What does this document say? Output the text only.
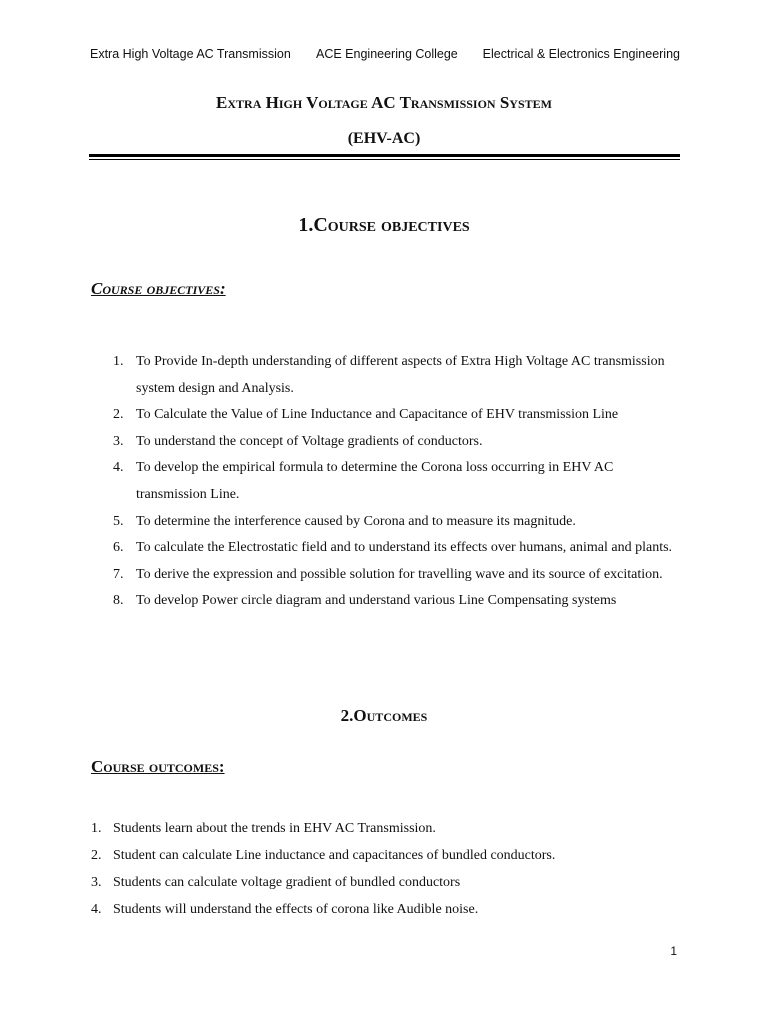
Extra High Voltage AC Transmission ACE Engineering College Electrical & Electronics Engineering
Extra High Voltage AC Transmission System
(EHV-AC)
1.Course objectives
Course objectives:
1. To Provide In-depth understanding of different aspects of Extra High Voltage AC transmission system design and Analysis.
2. To Calculate the Value of Line Inductance and Capacitance of EHV transmission Line
3. To understand the concept of Voltage gradients of conductors.
4. To develop the empirical formula to determine the Corona loss occurring in EHV AC transmission Line.
5. To determine the interference caused by Corona and to measure its magnitude.
6. To calculate the Electrostatic field and to understand its effects over humans, animal and plants.
7. To derive the expression and possible solution for travelling wave and its source of excitation.
8. To develop Power circle diagram and understand various Line Compensating systems
2.Outcomes
Course outcomes:
1. Students learn about the trends in EHV AC Transmission.
2. Student can calculate Line inductance and capacitances of bundled conductors.
3. Students can calculate voltage gradient of bundled conductors
4. Students will understand the effects of corona like Audible noise.
1
